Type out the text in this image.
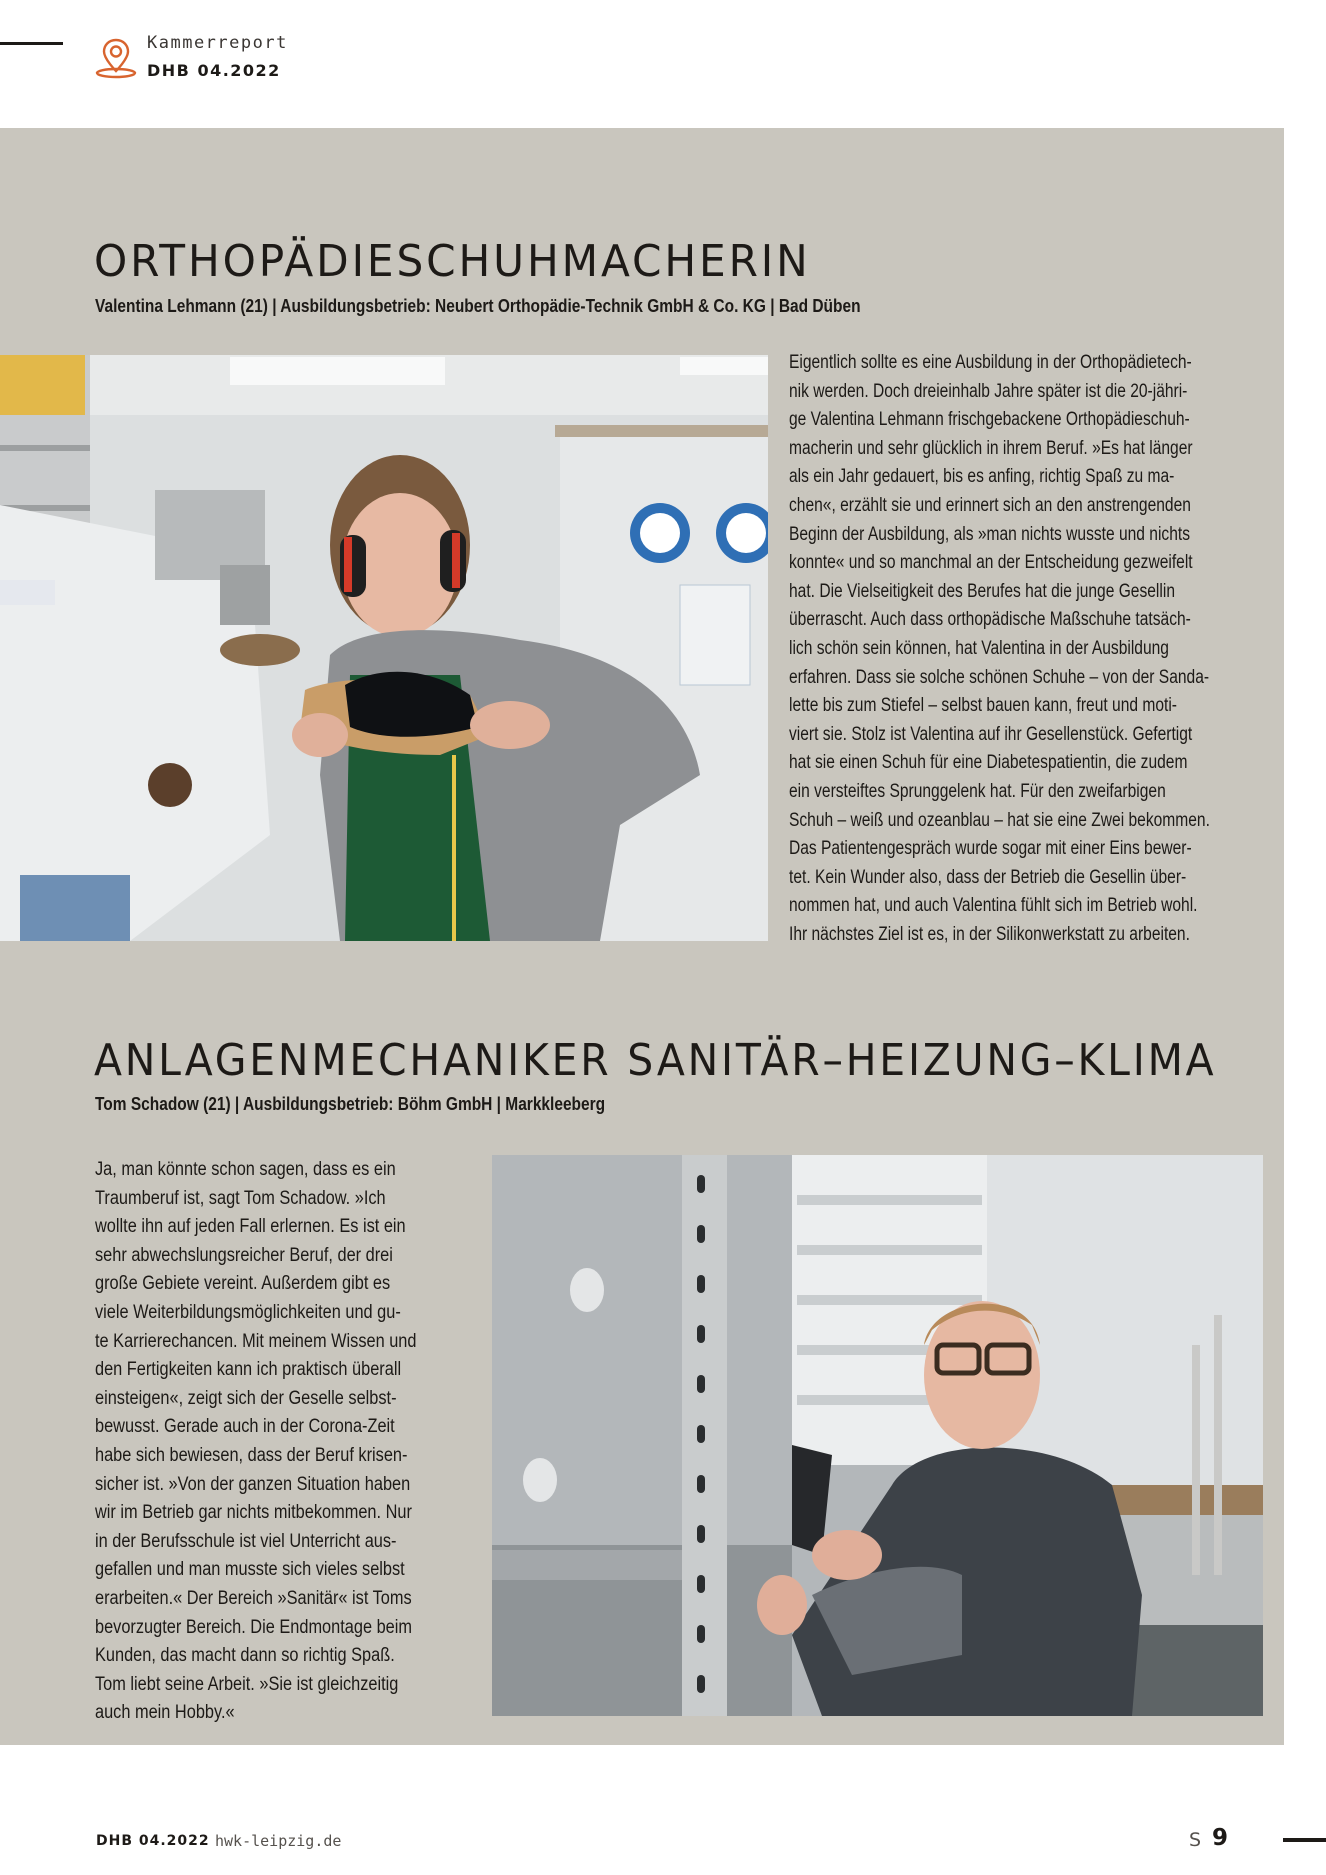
Kammerreport
DHB 04.2022
ORTHOPÄDIESCHUHMACHERIN
Valentina Lehmann (21) | Ausbildungsbetrieb: Neubert Orthopädie-Technik GmbH & Co. KG | Bad Düben
Eigentlich sollte es eine Ausbildung in der Orthopädietech-
nik werden. Doch dreieinhalb Jahre später ist die 20-jähri-
ge Valentina Lehmann frischgebackene Orthopädieschuh-
macherin und sehr glücklich in ihrem Beruf. »Es hat länger
als ein Jahr gedauert, bis es anfing, richtig Spaß zu ma-
chen«, erzählt sie und erinnert sich an den anstrengenden
Beginn der Ausbildung, als »man nichts wusste und nichts
konnte« und so manchmal an der Entscheidung gezweifelt
hat. Die Vielseitigkeit des Berufes hat die junge Gesellin
überrascht. Auch dass orthopädische Maßschuhe tatsäch-
lich schön sein können, hat Valentina in der Ausbildung
erfahren. Dass sie solche schönen Schuhe – von der Sanda-
lette bis zum Stiefel – selbst bauen kann, freut und moti-
viert sie. Stolz ist Valentina auf ihr Gesellenstück. Gefertigt
hat sie einen Schuh für eine Diabetespatientin, die zudem
ein versteiftes Sprunggelenk hat. Für den zweifarbigen
Schuh – weiß und ozeanblau – hat sie eine Zwei bekommen.
Das Patientengespräch wurde sogar mit einer Eins bewer-
tet. Kein Wunder also, dass der Betrieb die Gesellin über-
nommen hat, und auch Valentina fühlt sich im Betrieb wohl.
Ihr nächstes Ziel ist es, in der Silikonwerkstatt zu arbeiten.
ANLAGENMECHANIKER SANITÄR–HEIZUNG–KLIMA
Tom Schadow (21) | Ausbildungsbetrieb: Böhm GmbH | Markkleeberg
Ja, man könnte schon sagen, dass es ein
Traumberuf ist, sagt Tom Schadow. »Ich
wollte ihn auf jeden Fall erlernen. Es ist ein
sehr abwechslungsreicher Beruf, der drei
große Gebiete vereint. Außerdem gibt es
viele Weiterbildungsmöglichkeiten und gu-
te Karrierechancen. Mit meinem Wissen und
den Fertigkeiten kann ich praktisch überall
einsteigen«, zeigt sich der Geselle selbst-
bewusst. Gerade auch in der Corona-Zeit
habe sich bewiesen, dass der Beruf krisen-
sicher ist. »Von der ganzen Situation haben
wir im Betrieb gar nichts mitbekommen. Nur
in der Berufsschule ist viel Unterricht aus-
gefallen und man musste sich vieles selbst
erarbeiten.« Der Bereich »Sanitär« ist Toms
bevorzugter Bereich. Die Endmontage beim
Kunden, das macht dann so richtig Spaß.
Tom liebt seine Arbeit. »Sie ist gleichzeitig
auch mein Hobby.«
DHB 04.2022 hwk-leipzig.de	S 9
